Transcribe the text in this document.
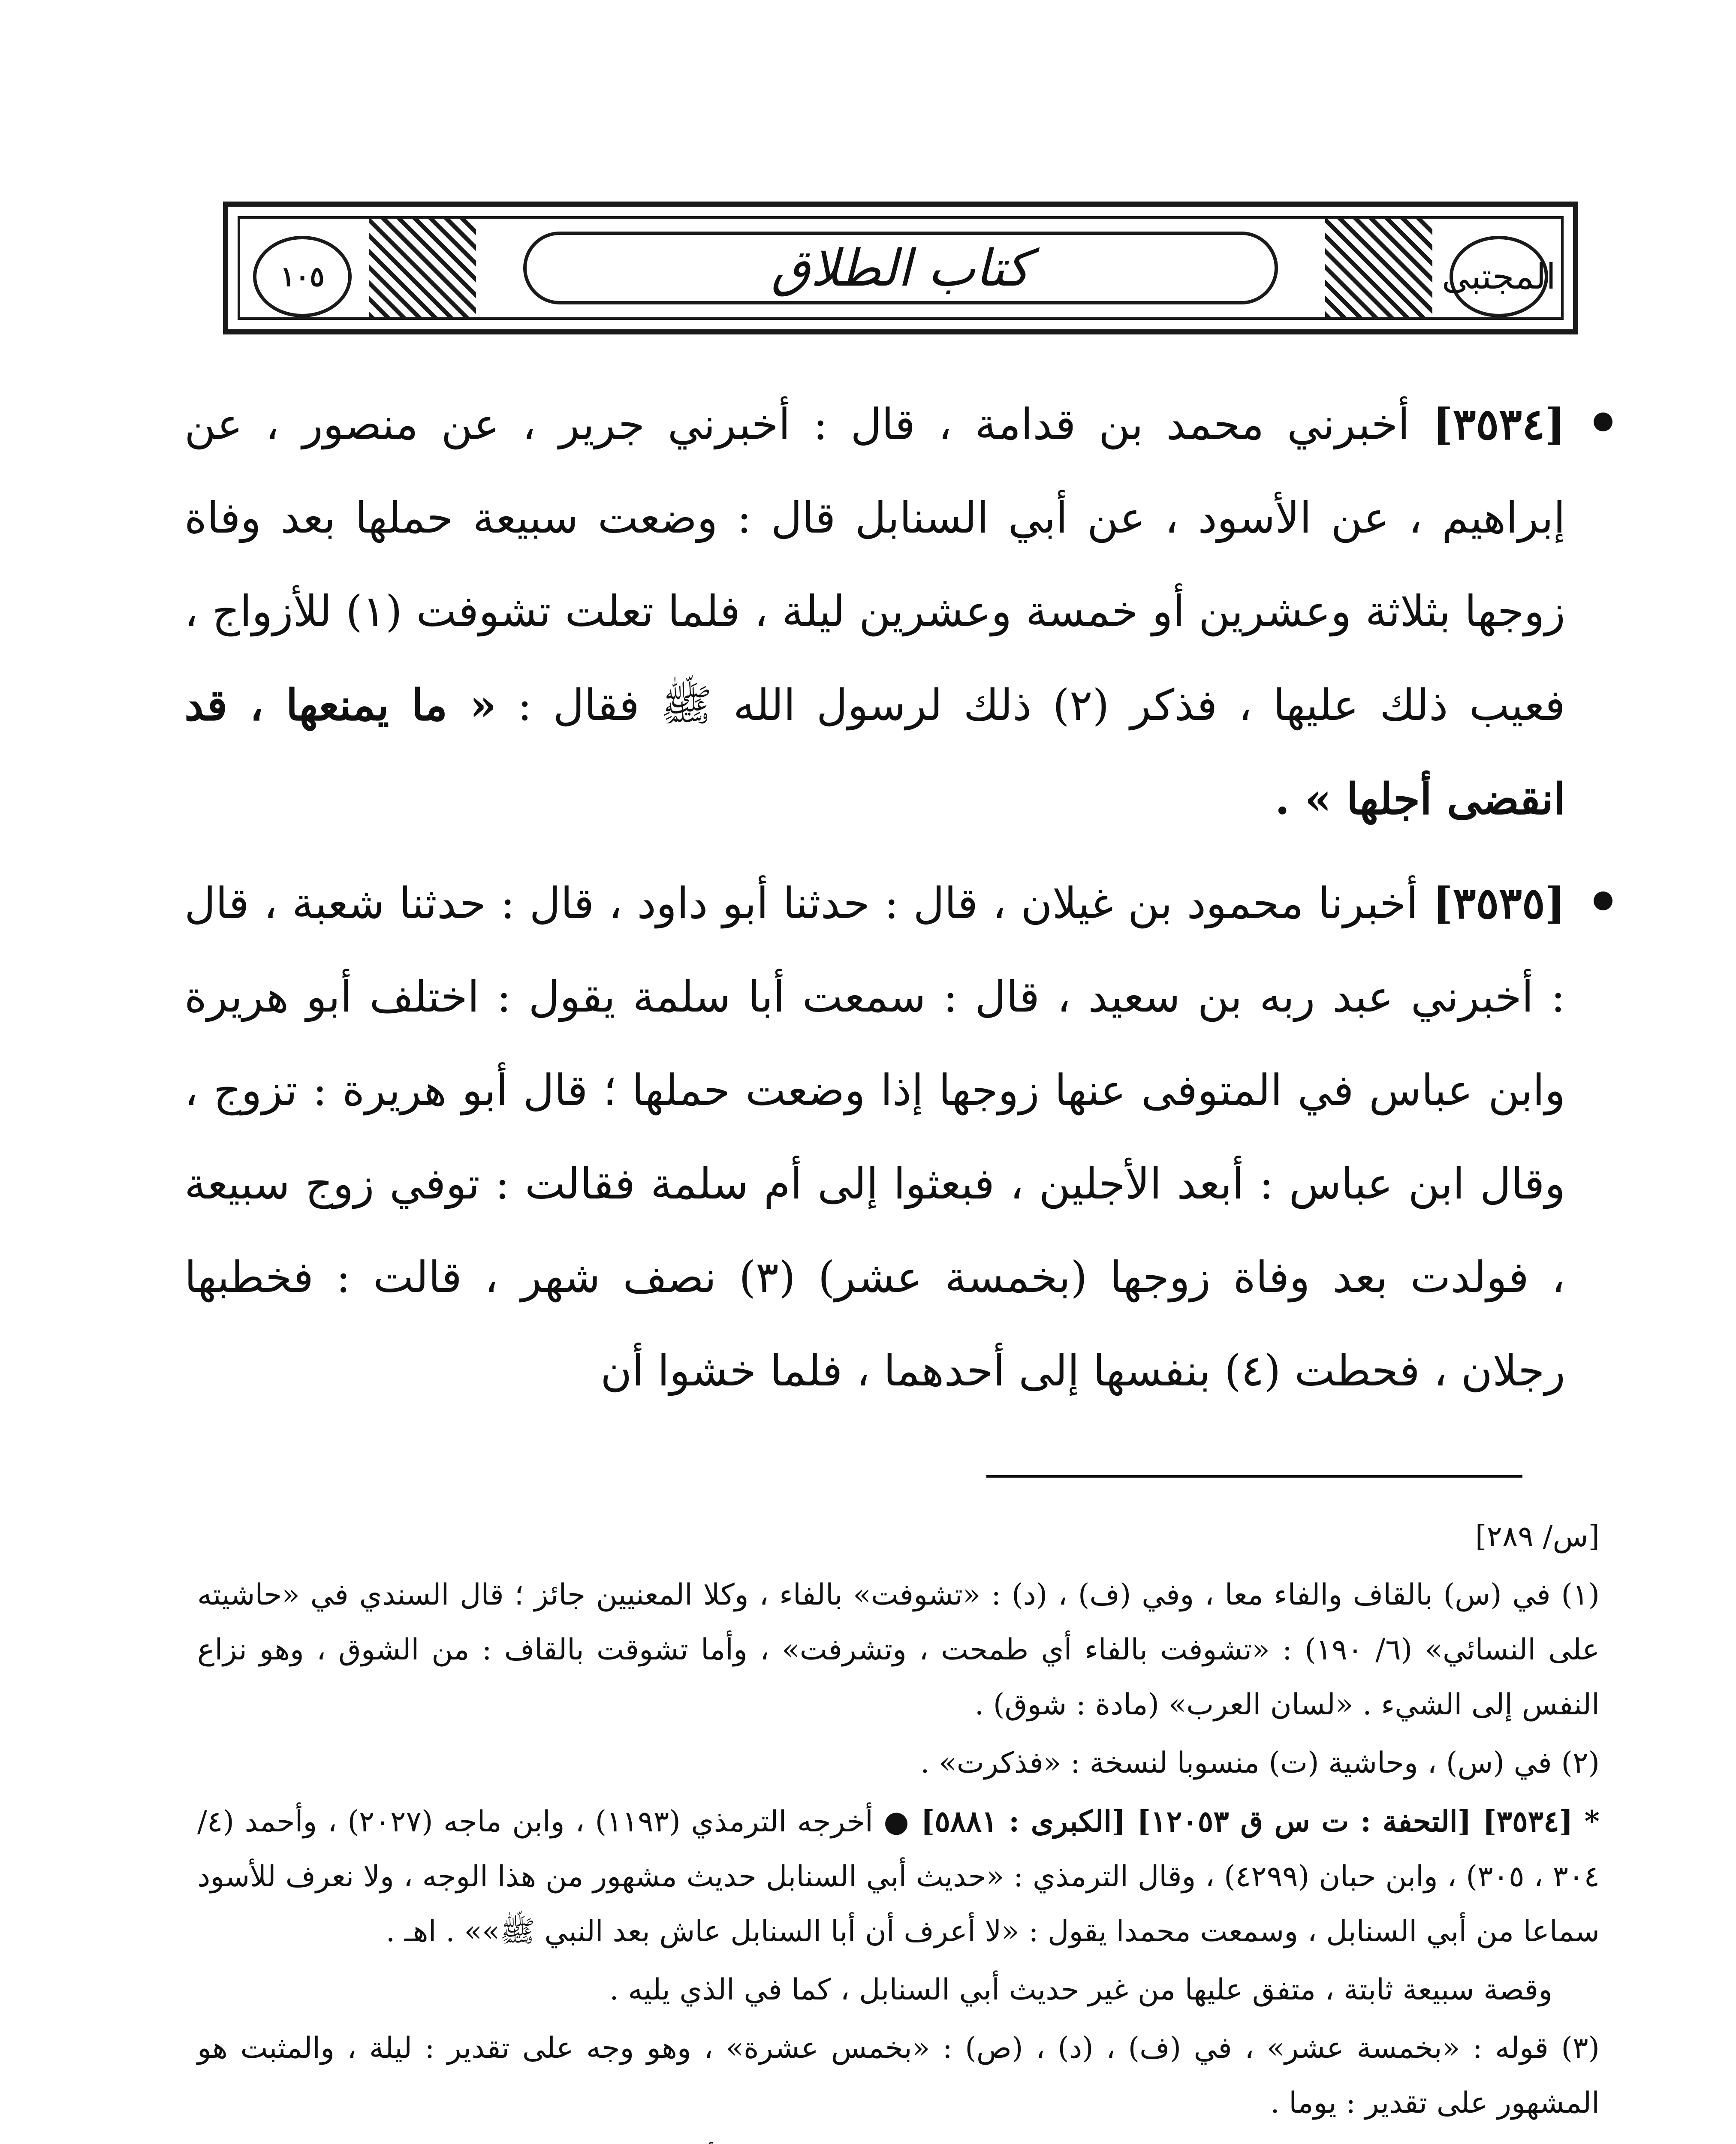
١٠٥	كتاب الطلاق	المجتبى

[٣٥٣٤] أخبرني محمد بن قدامة ، قال : أخبرني جرير ، عن منصور ، عن إبراهيم ، عن الأسود ، عن أبي السنابل قال : وضعت سبيعة حملها بعد وفاة زوجها بثلاثة وعشرين أو خمسة وعشرين ليلة ، فلما تعلت تشوفت (١) للأزواج ، فعيب ذلك عليها ، فذكر (٢) ذلك لرسول الله ﷺ فقال : « ما يمنعها ، قد انقضى أجلها » .

[٣٥٣٥] أخبرنا محمود بن غيلان ، قال : حدثنا أبو داود ، قال : حدثنا شعبة ، قال : أخبرني عبد ربه بن سعيد ، قال : سمعت أبا سلمة يقول : اختلف أبو هريرة وابن عباس في المتوفى عنها زوجها إذا وضعت حملها ؛ قال أبو هريرة : تزوج ، وقال ابن عباس : أبعد الأجلين ، فبعثوا إلى أم سلمة فقالت : توفي زوج سبيعة ، فولدت بعد وفاة زوجها (بخمسة عشر) (٣) نصف شهر ، قالت : فخطبها رجلان ، فحطت (٤) بنفسها إلى أحدهما ، فلما خشوا أن

[س/ ٢٨٩]

(١) في (س) بالقاف والفاء معا ، وفي (ف) ، (د) : «تشوفت» بالفاء ، وكلا المعنيين جائز ؛ قال السندي في «حاشيته على النسائي» (٦/ ١٩٠) : «تشوفت بالفاء أي طمحت ، وتشرفت» ، وأما تشوقت بالقاف : من الشوق ، وهو نزاع النفس إلى الشيء . «لسان العرب» (مادة : شوق) .

(٢) في (س) ، وحاشية (ت) منسوبا لنسخة : «فذكرت» .

* [٣٥٣٤] [التحفة : ت س ق ١٢٠٥٣] [الكبرى : ٥٨٨١] ● أخرجه الترمذي (١١٩٣) ، وابن ماجه (٢٠٢٧) ، وأحمد (٤/ ٣٠٤ ، ٣٠٥) ، وابن حبان (٤٢٩٩) ، وقال الترمذي : «حديث أبي السنابل حديث مشهور من هذا الوجه ، ولا نعرف للأسود سماعا من أبي السنابل ، وسمعت محمدا يقول : «لا أعرف أن أبا السنابل عاش بعد النبي ﷺ»» . اهـ .

وقصة سبيعة ثابتة ، متفق عليها من غير حديث أبي السنابل ، كما في الذي يليه .

(٣) قوله : «بخمسة عشر» ، في (ف) ، (د) ، (ص) : «بخمس عشرة» ، وهو وجه على تقدير : ليلة ، والمثبت هو المشهور على تقدير : يوما .
